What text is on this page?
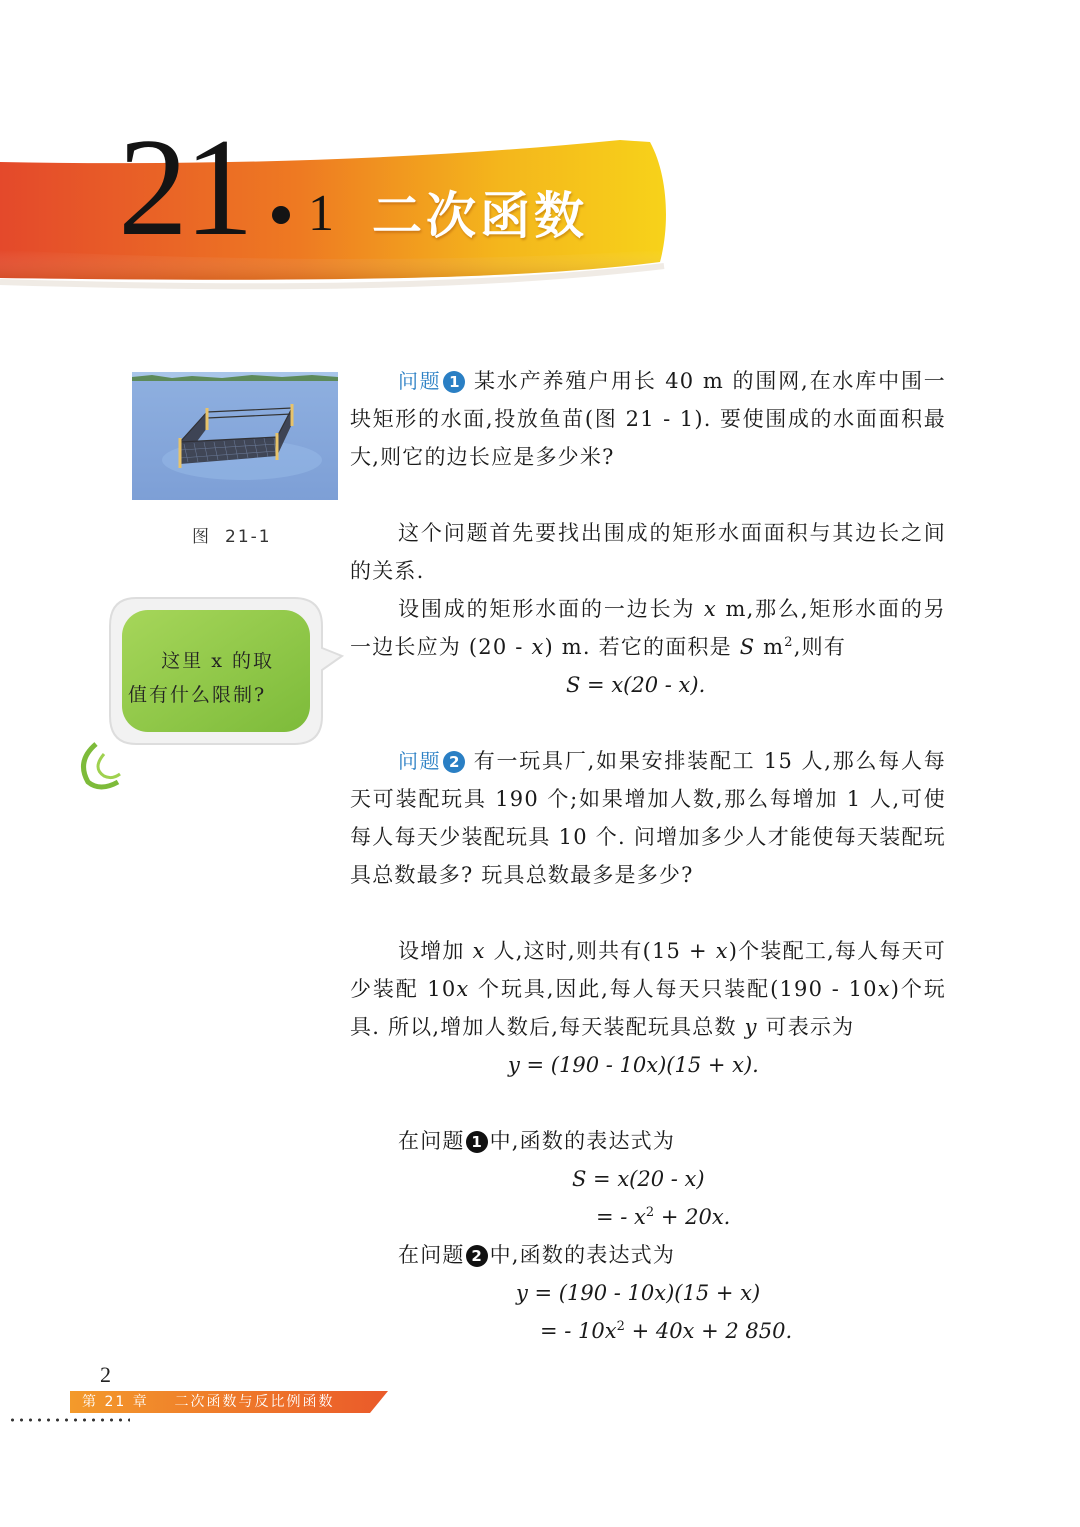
21 1 二次函数
图 21-1
这里 x 的取
值有什么限制?

问题 1 某水产养殖户用长 40 m 的围网,在水库中围一块矩形的水面,投放鱼苗(图 21 - 1). 要使围成的水面面积最大,则它的边长应是多少米?

这个问题首先要找出围成的矩形水面面积与其边长之间的关系.

设围成的矩形水面的一边长为 x m,那么,矩形水面的另一边长应为 (20 - x) m. 若它的面积是 S $m^2$,则有

S = x(20 - x).

问题 2 有一玩具厂,如果安排装配工 15 人,那么每人每天可装配玩具 190 个;如果增加人数,那么每增加 1 人,可使每人每天少装配玩具 10 个. 问增加多少人才能使每天装配玩具总数最多? 玩具总数最多是多少?

设增加 x 人,这时,则共有(15 + x)个装配工,每人每天可少装配 10x 个玩具,因此,每人每天只装配(190 - 10x)个玩具. 所以,增加人数后,每天装配玩具总数 y 可表示为

y = (190 - 10x)(15 + x).

在问题 1 中,函数的表达式为

S = x(20 - x)
= - $x^2 + 20x$.

在问题 2 中,函数的表达式为

y = (190 - 10x)(15 + x)
= - $10x^2 + 40x + 2$ 850.
2
第 21 章    二次函数与反比例函数
